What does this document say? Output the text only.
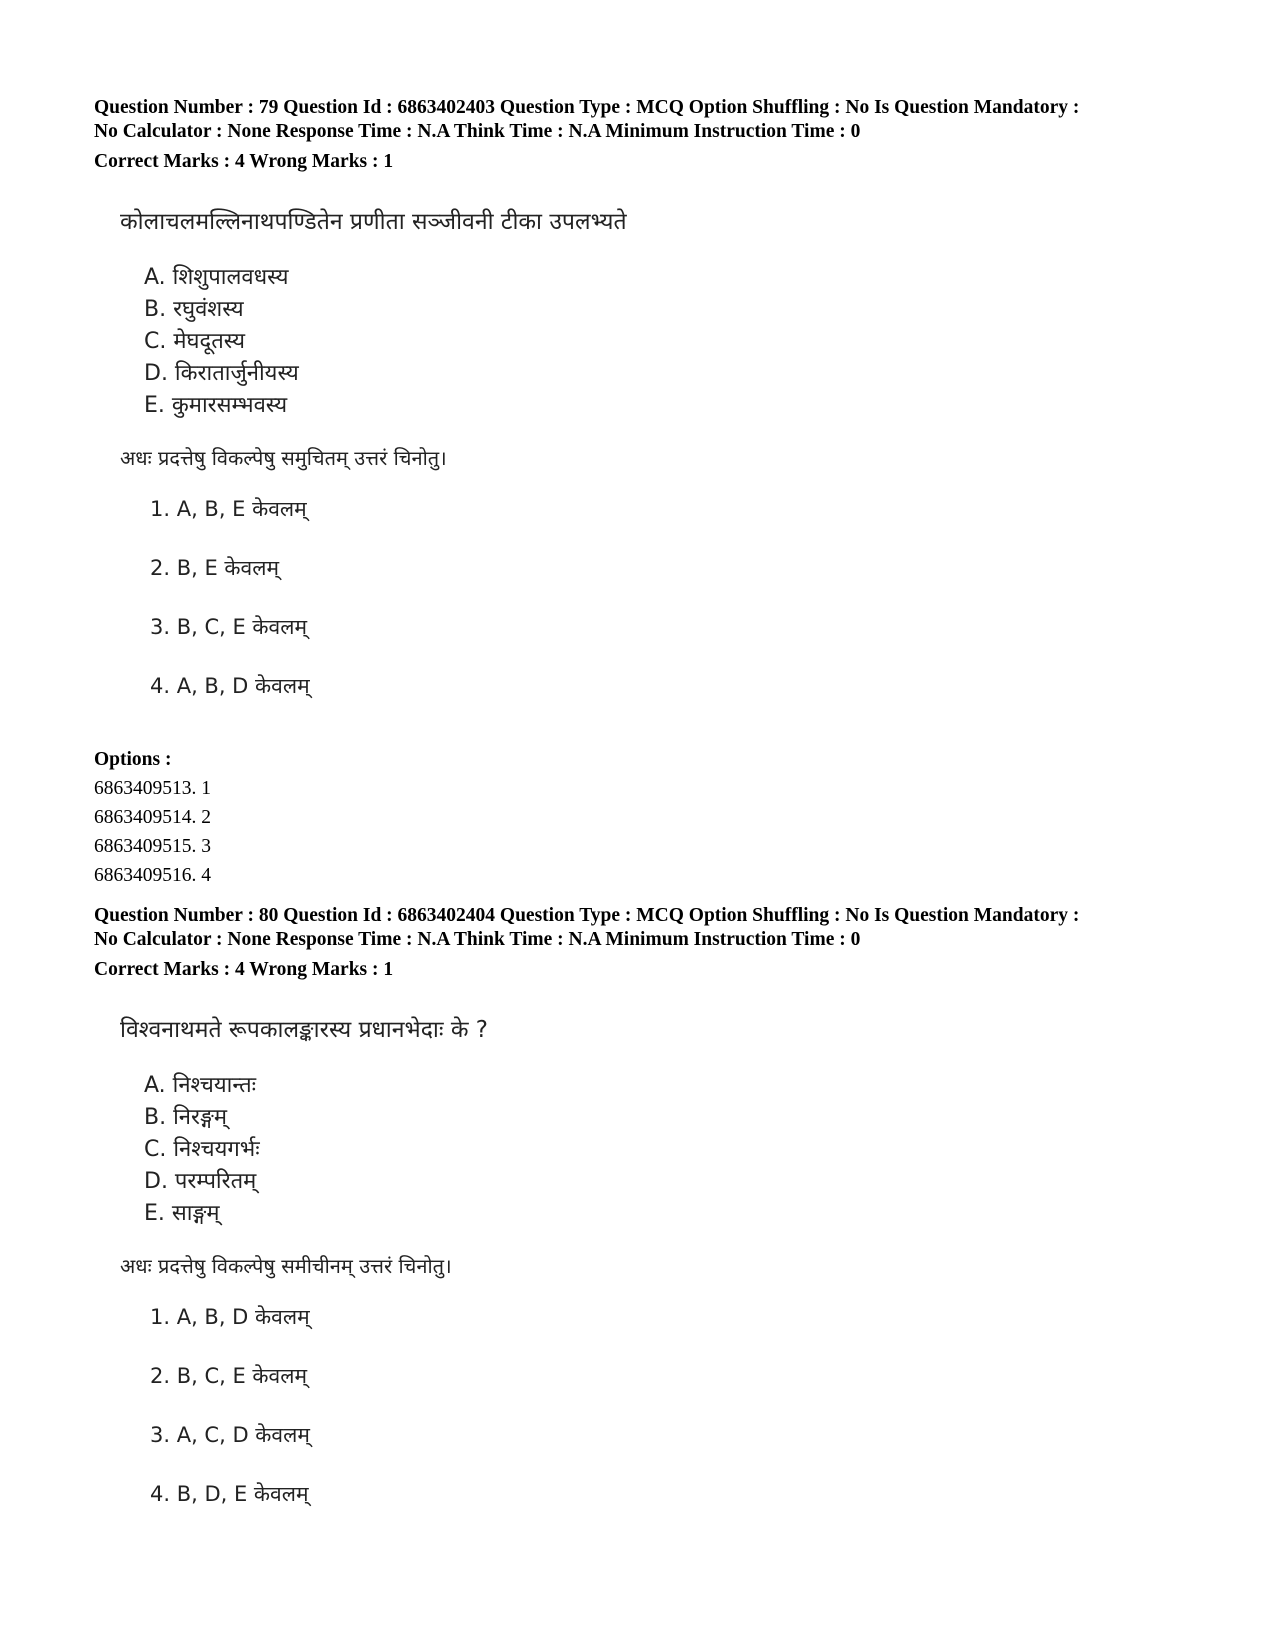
Question Number : 79 Question Id : 6863402403 Question Type : MCQ Option Shuffling : No Is Question Mandatory :
No Calculator : None Response Time : N.A Think Time : N.A Minimum Instruction Time : 0
Correct Marks : 4 Wrong Marks : 1
कोलाचलमल्लिनाथपण्डितेन प्रणीता सञ्जीवनी टीका उपलभ्यते
A. शिशुपालवधस्य
B. रघुवंशस्य
C. मेघदूतस्य
D. किरातार्जुनीयस्य
E. कुमारसम्भवस्य
अधः प्रदत्तेषु विकल्पेषु समुचितम् उत्तरं चिनोतु।
1. A, B, E केवलम्
2. B, E केवलम्
3. B, C, E केवलम्
4. A, B, D केवलम्
Options :
6863409513. 1
6863409514. 2
6863409515. 3
6863409516. 4
Question Number : 80 Question Id : 6863402404 Question Type : MCQ Option Shuffling : No Is Question Mandatory :
No Calculator : None Response Time : N.A Think Time : N.A Minimum Instruction Time : 0
Correct Marks : 4 Wrong Marks : 1
विश्वनाथमते रूपकालङ्कारस्य प्रधानभेदाः के ?
A. निश्चयान्तः
B. निरङ्गम्
C. निश्चयगर्भः
D. परम्परितम्
E. साङ्गम्
अधः प्रदत्तेषु विकल्पेषु समीचीनम् उत्तरं चिनोतु।
1. A, B, D केवलम्
2. B, C, E केवलम्
3. A, C, D केवलम्
4. B, D, E केवलम्
